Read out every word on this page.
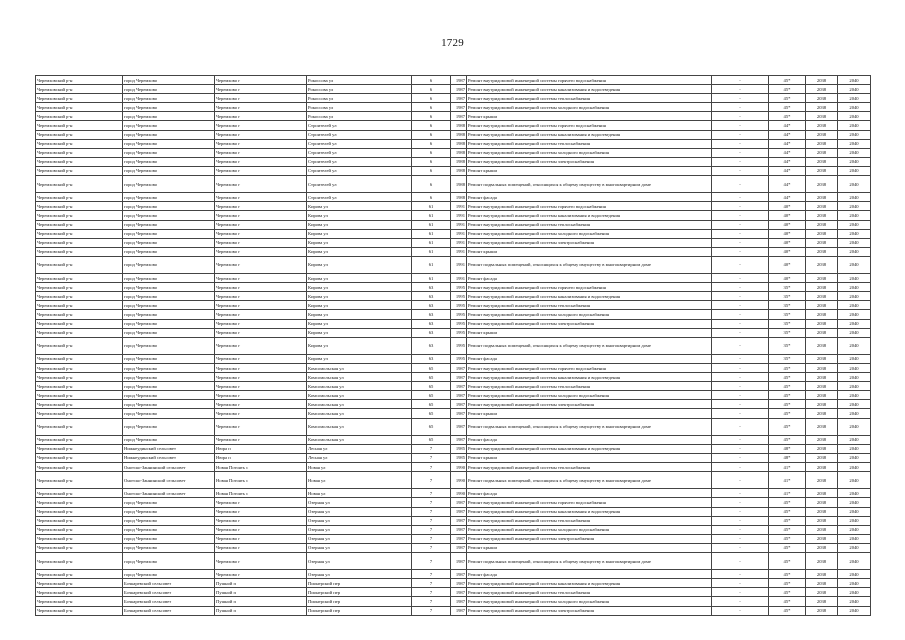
1729
Черемховский р-н	город Черемхово	Черемхово г	Рокоссова ул	6	1987	Ремонт внутридомовой инженерной системы горячего водоснабжения	-	45*	2038	2040
Черемховский р-н	город Черемхово	Черемхово г	Рокоссова ул	6	1987	Ремонт внутридомовой инженерной системы канализования и водоотведения	-	45*	2038	2040
Черемховский р-н	город Черемхово	Черемхово г	Рокоссова ул	6	1987	Ремонт внутридомовой инженерной системы теплоснабжения	-	45*	2038	2040
Черемховский р-н	город Черемхово	Черемхово г	Рокоссова ул	6	1987	Ремонт внутридомовой инженерной системы холодного водоснабжения	-	45*	2038	2040
Черемховский р-н	город Черемхово	Черемхово г	Рокоссова ул	6	1987	Ремонт крыши	-	45*	2038	2040
Черемховский р-н	город Черемхово	Черемхово г	Строителей ул	6	1988	Ремонт внутридомовой инженерной системы горячего водоснабжения	-	44*	2038	2040
Черемховский р-н	город Черемхово	Черемхово г	Строителей ул	6	1988	Ремонт внутридомовой инженерной системы канализования и водоотведения	-	44*	2038	2040
Черемховский р-н	город Черемхово	Черемхово г	Строителей ул	6	1988	Ремонт внутридомовой инженерной системы теплоснабжения	-	44*	2038	2040
Черемховский р-н	город Черемхово	Черемхово г	Строителей ул	6	1988	Ремонт внутридомовой инженерной системы холодного водоснабжения	-	44*	2038	2040
Черемховский р-н	город Черемхово	Черемхово г	Строителей ул	6	1988	Ремонт внутридомовой инженерной системы электроснабжения	-	44*	2038	2040
Черемховский р-н	город Черемхово	Черемхово г	Строителей ул	6	1988	Ремонт крыши	-	44*	2038	2040
Черемховский р-н	город Черемхово	Черемхово г	Строителей ул	6	1988	Ремонт подвальных помещений, относящихся к общему имуществу в многоквартирном доме	-	44*	2038	2040
Черемховский р-н	город Черемхово	Черемхово г	Строителей ул	6	1988	Ремонт фасада	-	44*	2038	2040
Черемховский р-н	город Черемхово	Черемхово г	Кирова ул	61	1991	Ремонт внутридомовой инженерной системы горячего водоснабжения	-	40*	2038	2040
Черемховский р-н	город Черемхово	Черемхово г	Кирова ул	61	1991	Ремонт внутридомовой инженерной системы канализования и водоотведения	-	40*	2038	2040
Черемховский р-н	город Черемхово	Черемхово г	Кирова ул	61	1991	Ремонт внутридомовой инженерной системы теплоснабжения	-	40*	2038	2040
Черемховский р-н	город Черемхово	Черемхово г	Кирова ул	61	1991	Ремонт внутридомовой инженерной системы холодного водоснабжения	-	40*	2038	2040
Черемховский р-н	город Черемхово	Черемхово г	Кирова ул	61	1991	Ремонт внутридомовой инженерной системы электроснабжения	-	40*	2038	2040
Черемховский р-н	город Черемхово	Черемхово г	Кирова ул	61	1991	Ремонт крыши	-	40*	2038	2040
Черемховский р-н	город Черемхово	Черемхово г	Кирова ул	61	1991	Ремонт подвальных помещений, относящихся к общему имуществу в многоквартирном доме	-	40*	2038	2040
Черемховский р-н	город Черемхово	Черемхово г	Кирова ул	61	1991	Ремонт фасада	-	40*	2038	2040
Черемховский р-н	город Черемхово	Черемхово г	Кирова ул	63	1995	Ремонт внутридомовой инженерной системы горячего водоснабжения	-	35*	2038	2040
Черемховский р-н	город Черемхово	Черемхово г	Кирова ул	63	1995	Ремонт внутридомовой инженерной системы канализования и водоотведения	-	35*	2038	2040
Черемховский р-н	город Черемхово	Черемхово г	Кирова ул	63	1995	Ремонт внутридомовой инженерной системы теплоснабжения	-	35*	2038	2040
Черемховский р-н	город Черемхово	Черемхово г	Кирова ул	63	1995	Ремонт внутридомовой инженерной системы холодного водоснабжения	-	35*	2038	2040
Черемховский р-н	город Черемхово	Черемхово г	Кирова ул	63	1995	Ремонт внутридомовой инженерной системы электроснабжения	-	35*	2038	2040
Черемховский р-н	город Черемхово	Черемхово г	Кирова ул	63	1995	Ремонт крыши	-	35*	2038	2040
Черемховский р-н	город Черемхово	Черемхово г	Кирова ул	63	1995	Ремонт подвальных помещений, относящихся к общему имуществу в многоквартирном доме	-	35*	2038	2040
Черемховский р-н	город Черемхово	Черемхово г	Кирова ул	63	1995	Ремонт фасада	-	35*	2038	2040
Черемховский р-н	город Черемхово	Черемхово г	Комсомольская ул	65	1987	Ремонт внутридомовой инженерной системы горячего водоснабжения	-	45*	2038	2040
Черемховский р-н	город Черемхово	Черемхово г	Комсомольская ул	65	1987	Ремонт внутридомовой инженерной системы канализования и водоотведения	-	45*	2038	2040
Черемховский р-н	город Черемхово	Черемхово г	Комсомольская ул	65	1987	Ремонт внутридомовой инженерной системы теплоснабжения	-	45*	2038	2040
Черемховский р-н	город Черемхово	Черемхово г	Комсомольская ул	65	1987	Ремонт внутридомовой инженерной системы холодного водоснабжения	-	45*	2038	2040
Черемховский р-н	город Черемхово	Черемхово г	Комсомольская ул	65	1987	Ремонт внутридомовой инженерной системы электроснабжения	-	45*	2038	2040
Черемховский р-н	город Черемхово	Черемхово г	Комсомольская ул	65	1987	Ремонт крыши	-	45*	2038	2040
Черемховский р-н	город Черемхово	Черемхово г	Комсомольская ул	65	1987	Ремонт подвальных помещений, относящихся к общему имуществу в многоквартирном доме	-	45*	2038	2040
Черемховский р-н	город Черемхово	Черемхово г	Комсомольская ул	65	1987	Ремонт фасада	-	45*	2038	2040
Черемховский р-н	Нижнеудинский сельсовет	Нюра п	Лесная ул	7	1985	Ремонт внутридомовой инженерной системы канализования и водоотведения	-	48*	2038	2040
Черемховский р-н	Нижнеудинский сельсовет	Нюра п	Лесная ул	7	1985	Ремонт крыши	-	48*	2038	2040
Черемховский р-н	Онотско-Заннинский сельсовет	Новая Потоять с	Новая ул	7	1990	Ремонт внутридомовой инженерной системы теплоснабжения	-	41*	2038	2040
Черемховский р-н	Онотско-Заннинский сельсовет	Новая Потоять с	Новая ул	7	1990	Ремонт подвальных помещений, относящихся к общему имуществу в многоквартирном доме	-	41*	2038	2040
Черемховский р-н	Онотско-Заннинский сельсовет	Новая Потоять с	Новая ул	7	1990	Ремонт фасада	-	41*	2038	2040
Черемховский р-н	город Черемхово	Черемхово г	Озерная ул	7	1987	Ремонт внутридомовой инженерной системы горячего водоснабжения	-	45*	2038	2040
Черемховский р-н	город Черемхово	Черемхово г	Озерная ул	7	1987	Ремонт внутридомовой инженерной системы канализования и водоотведения	-	45*	2038	2040
Черемховский р-н	город Черемхово	Черемхово г	Озерная ул	7	1987	Ремонт внутридомовой инженерной системы теплоснабжения	-	45*	2038	2040
Черемховский р-н	город Черемхово	Черемхово г	Озерная ул	7	1987	Ремонт внутридомовой инженерной системы холодного водоснабжения	-	45*	2038	2040
Черемховский р-н	город Черемхово	Черемхово г	Озерная ул	7	1987	Ремонт внутридомовой инженерной системы электроснабжения	-	45*	2038	2040
Черемховский р-н	город Черемхово	Черемхово г	Озерная ул	7	1987	Ремонт крыши	-	45*	2038	2040
Черемховский р-н	город Черемхово	Черемхово г	Озерная ул	7	1987	Ремонт подвальных помещений, относящихся к общему имуществу в многоквартирном доме	-	45*	2038	2040
Черемховский р-н	город Черемхово	Черемхово г	Озерная ул	7	1987	Ремонт фасада	-	45*	2038	2040
Черемховский р-н	Бочкаревский сельсовет	Пушной п	Пионерский пер	7	1987	Ремонт внутридомовой инженерной системы канализования и водоотведения	-	45*	2038	2040
Черемховский р-н	Бочкаревский сельсовет	Пушной п	Пионерский пер	7	1987	Ремонт внутридомовой инженерной системы теплоснабжения	-	45*	2038	2040
Черемховский р-н	Бочкаревский сельсовет	Пушной п	Пионерский пер	7	1987	Ремонт внутридомовой инженерной системы холодного водоснабжения	-	45*	2038	2040
Черемховский р-н	Бочкаревский сельсовет	Пушной п	Пионерский пер	7	1987	Ремонт внутридомовой инженерной системы электроснабжения	-	45*	2038	2040
